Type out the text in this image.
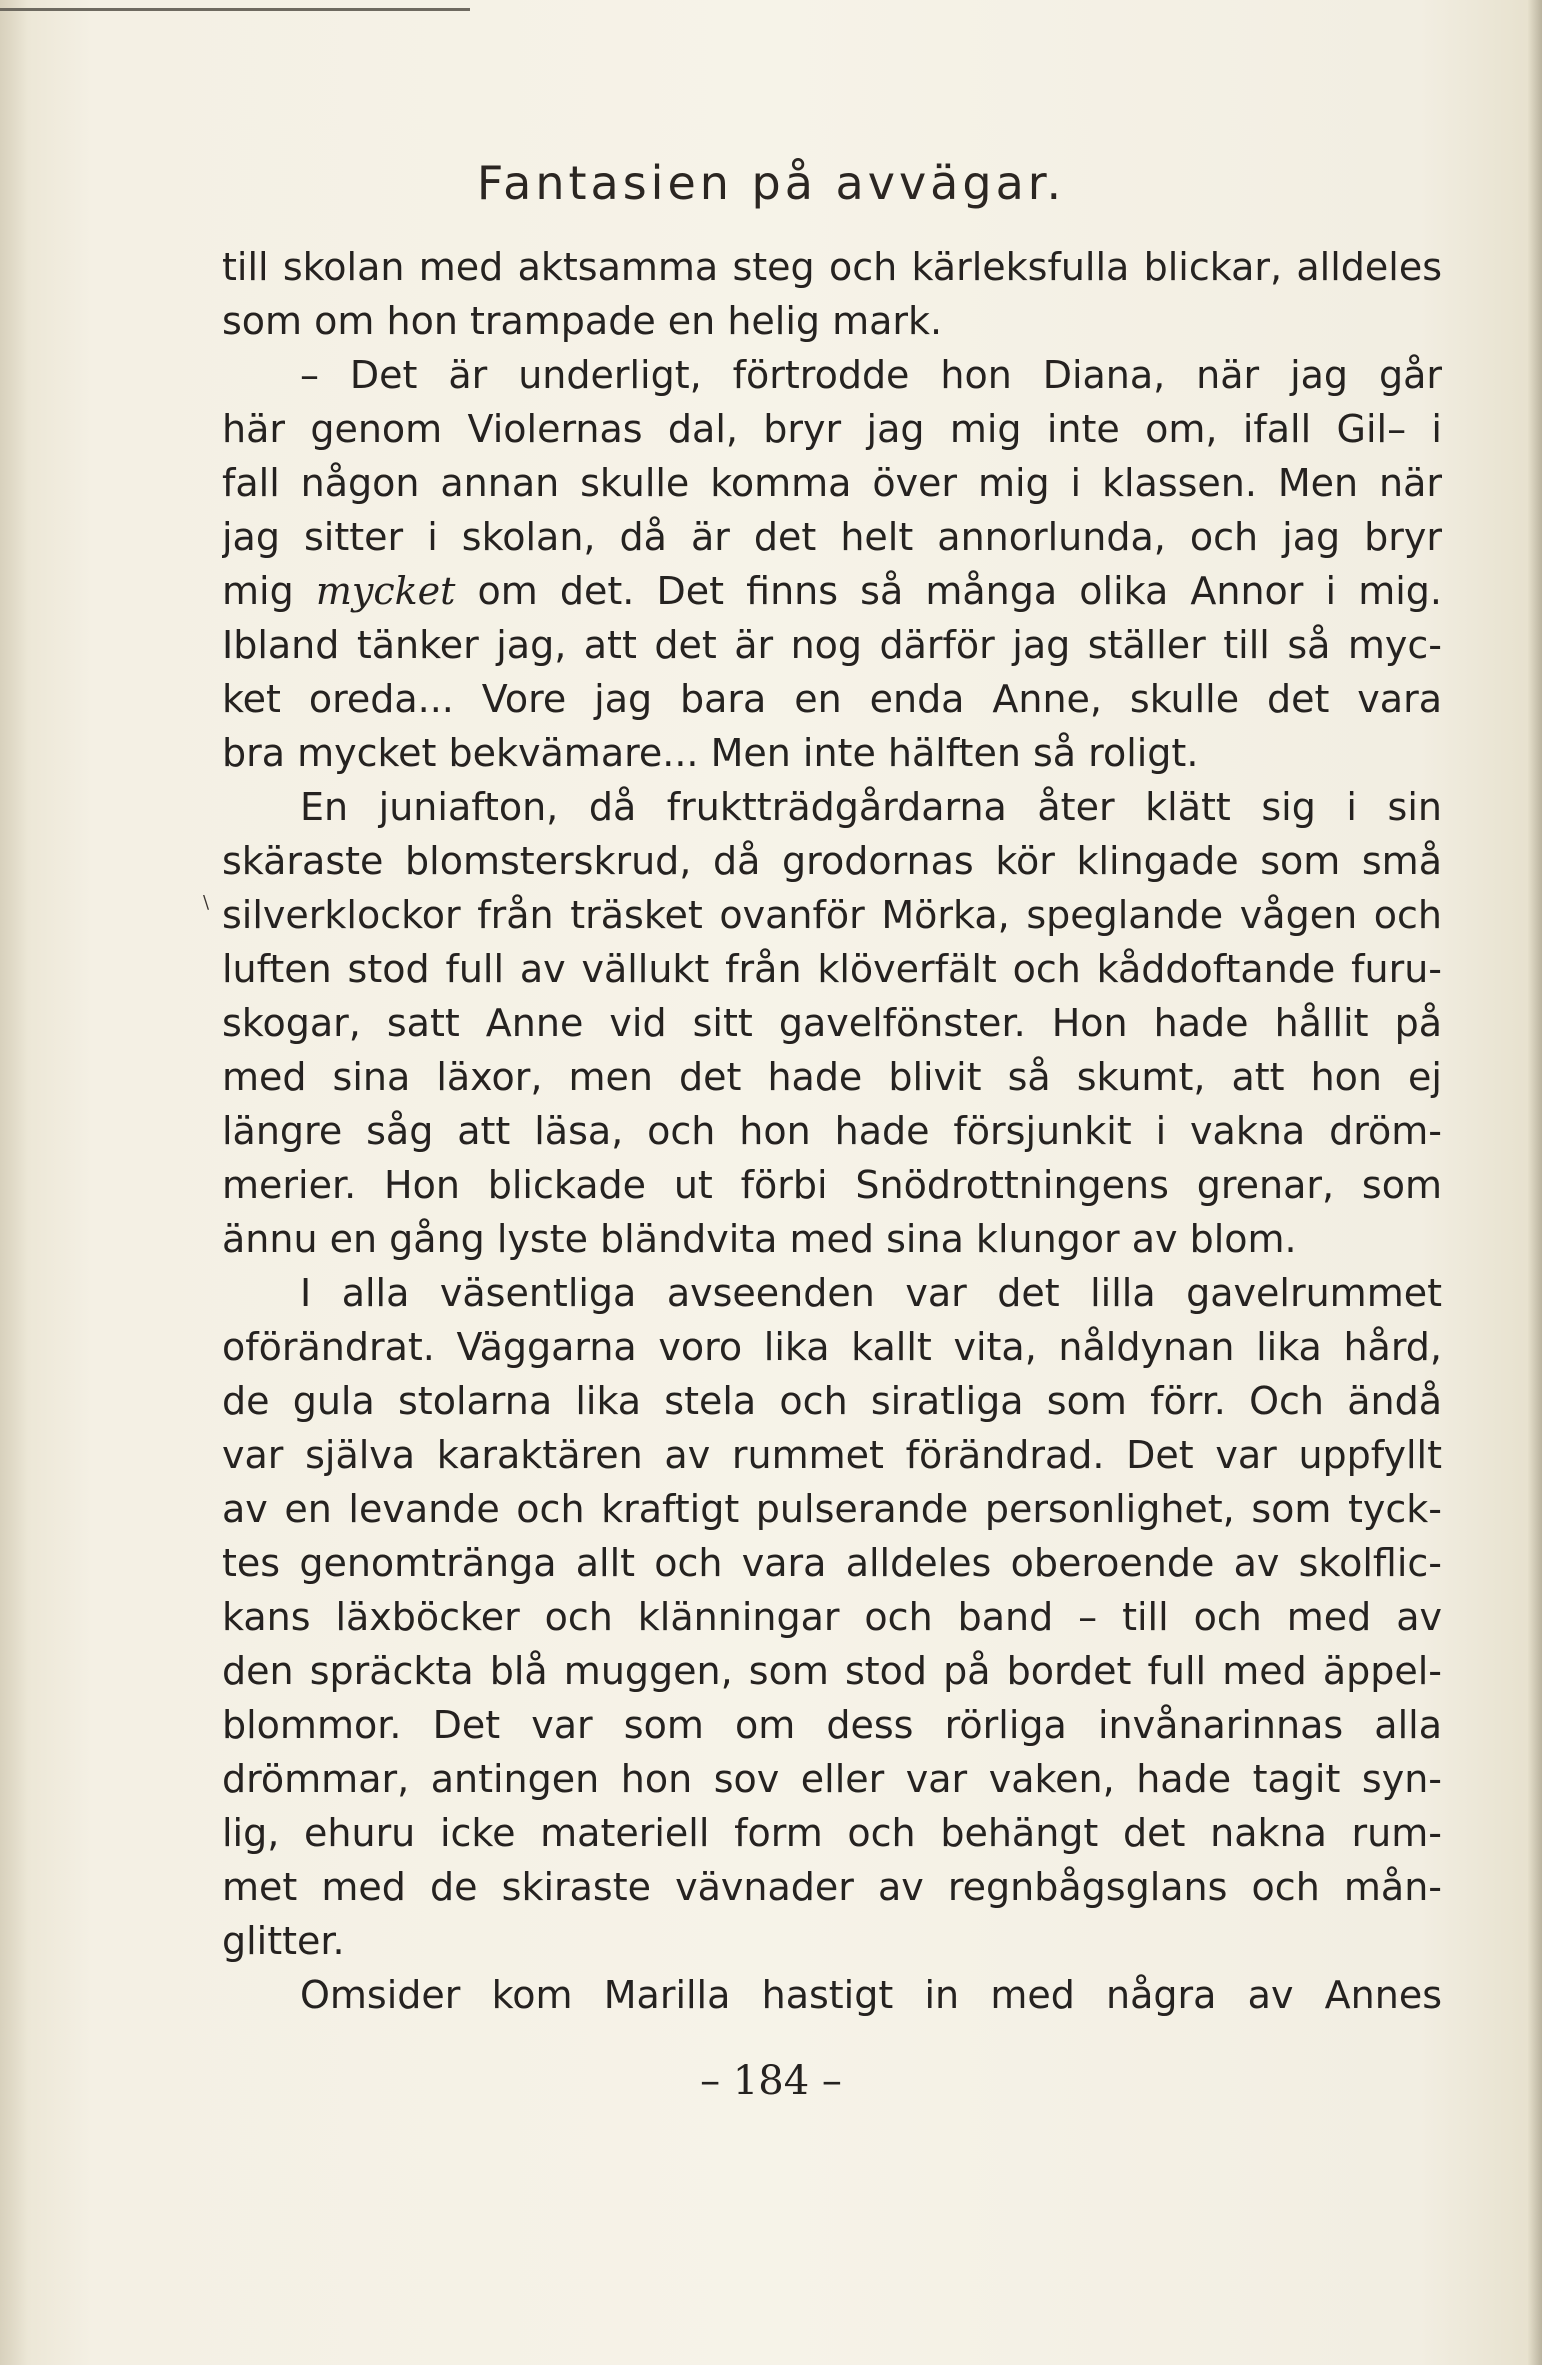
Fantasien på avvägar.
\
till skolan med aktsamma steg och kärleksfulla blickar, alldeles
som om hon trampade en helig mark.
– Det är underligt, förtrodde hon Diana, när jag går
här genom Violernas dal, bryr jag mig inte om, ifall Gil– i
fall någon annan skulle komma över mig i klassen. Men när
jag sitter i skolan, då är det helt annorlunda, och jag bryr
mig mycket om det. Det finns så många olika Annor i mig.
Ibland tänker jag, att det är nog därför jag ställer till så myc-
ket oreda... Vore jag bara en enda Anne, skulle det vara
bra mycket bekvämare... Men inte hälften så roligt.
En juniafton, då fruktträdgårdarna åter klätt sig i sin
skäraste blomsterskrud, då grodornas kör klingade som små
silverklockor från träsket ovanför Mörka, speglande vågen och
luften stod full av vällukt från klöverfält och kåddoftande furu-
skogar, satt Anne vid sitt gavelfönster. Hon hade hållit på
med sina läxor, men det hade blivit så skumt, att hon ej
längre såg att läsa, och hon hade försjunkit i vakna dröm-
merier. Hon blickade ut förbi Snödrottningens grenar, som
ännu en gång lyste bländvita med sina klungor av blom.
I alla väsentliga avseenden var det lilla gavelrummet
oförändrat. Väggarna voro lika kallt vita, nåldynan lika hård,
de gula stolarna lika stela och siratliga som förr. Och ändå
var själva karaktären av rummet förändrad. Det var uppfyllt
av en levande och kraftigt pulserande personlighet, som tyck-
tes genomtränga allt och vara alldeles oberoende av skolflic-
kans läxböcker och klänningar och band – till och med av
den spräckta blå muggen, som stod på bordet full med äppel-
blommor. Det var som om dess rörliga invånarinnas alla
drömmar, antingen hon sov eller var vaken, hade tagit syn-
lig, ehuru icke materiell form och behängt det nakna rum-
met med de skiraste vävnader av regnbågsglans och mån-
glitter.
Omsider kom Marilla hastigt in med några av Annes
– 184 –
